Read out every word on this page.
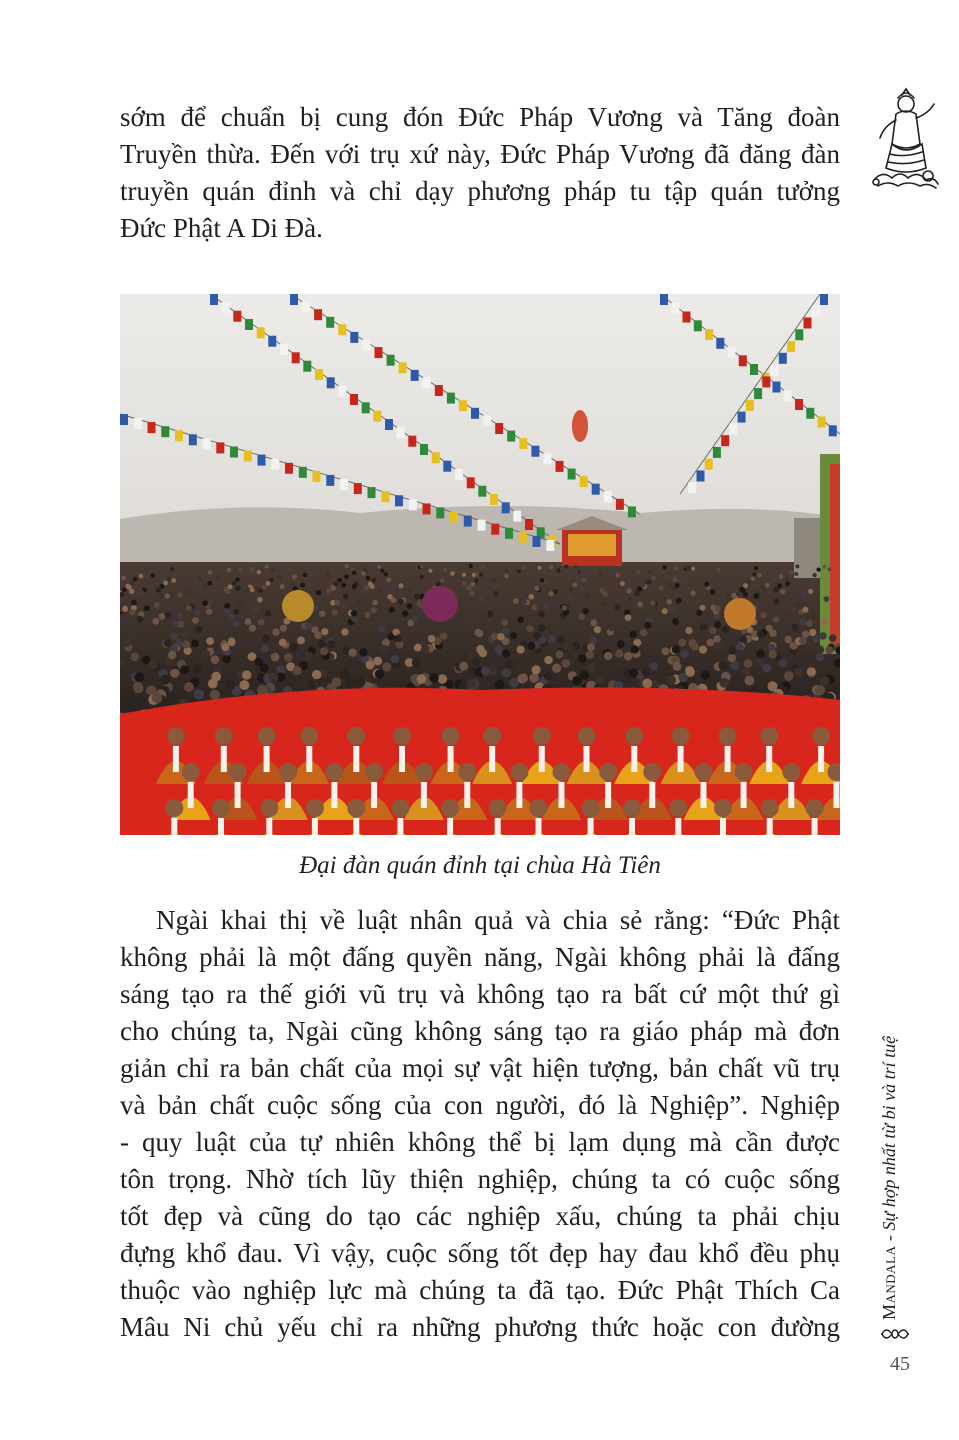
sớm để chuẩn bị cung đón Đức Pháp Vương và Tăng đoàn
Truyền thừa. Đến với trụ xứ này, Đức Pháp Vương đã đăng đàn
truyền quán đỉnh và chỉ dạy phương pháp tu tập quán tưởng
Đức Phật A Di Đà.
Đại đàn quán đỉnh tại chùa Hà Tiên
Ngài khai thị về luật nhân quả và chia sẻ rằng: “Đức Phật
không phải là một đấng quyền năng, Ngài không phải là đấng
sáng tạo ra thế giới vũ trụ và không tạo ra bất cứ một thứ gì
cho chúng ta, Ngài cũng không sáng tạo ra giáo pháp mà đơn
giản chỉ ra bản chất của mọi sự vật hiện tượng, bản chất vũ trụ
và bản chất cuộc sống của con người, đó là Nghiệp”. Nghiệp
- quy luật của tự nhiên không thể bị lạm dụng mà cần được
tôn trọng. Nhờ tích lũy thiện nghiệp, chúng ta có cuộc sống
tốt đẹp và cũng do tạo các nghiệp xấu, chúng ta phải chịu
đựng khổ đau. Vì vậy, cuộc sống tốt đẹp hay đau khổ đều phụ
thuộc vào nghiệp lực mà chúng ta đã tạo. Đức Phật Thích Ca
Mâu Ni chủ yếu chỉ ra những phương thức hoặc con đường
Mandala - Sự hợp nhất từ bi và trí tuệ
45
